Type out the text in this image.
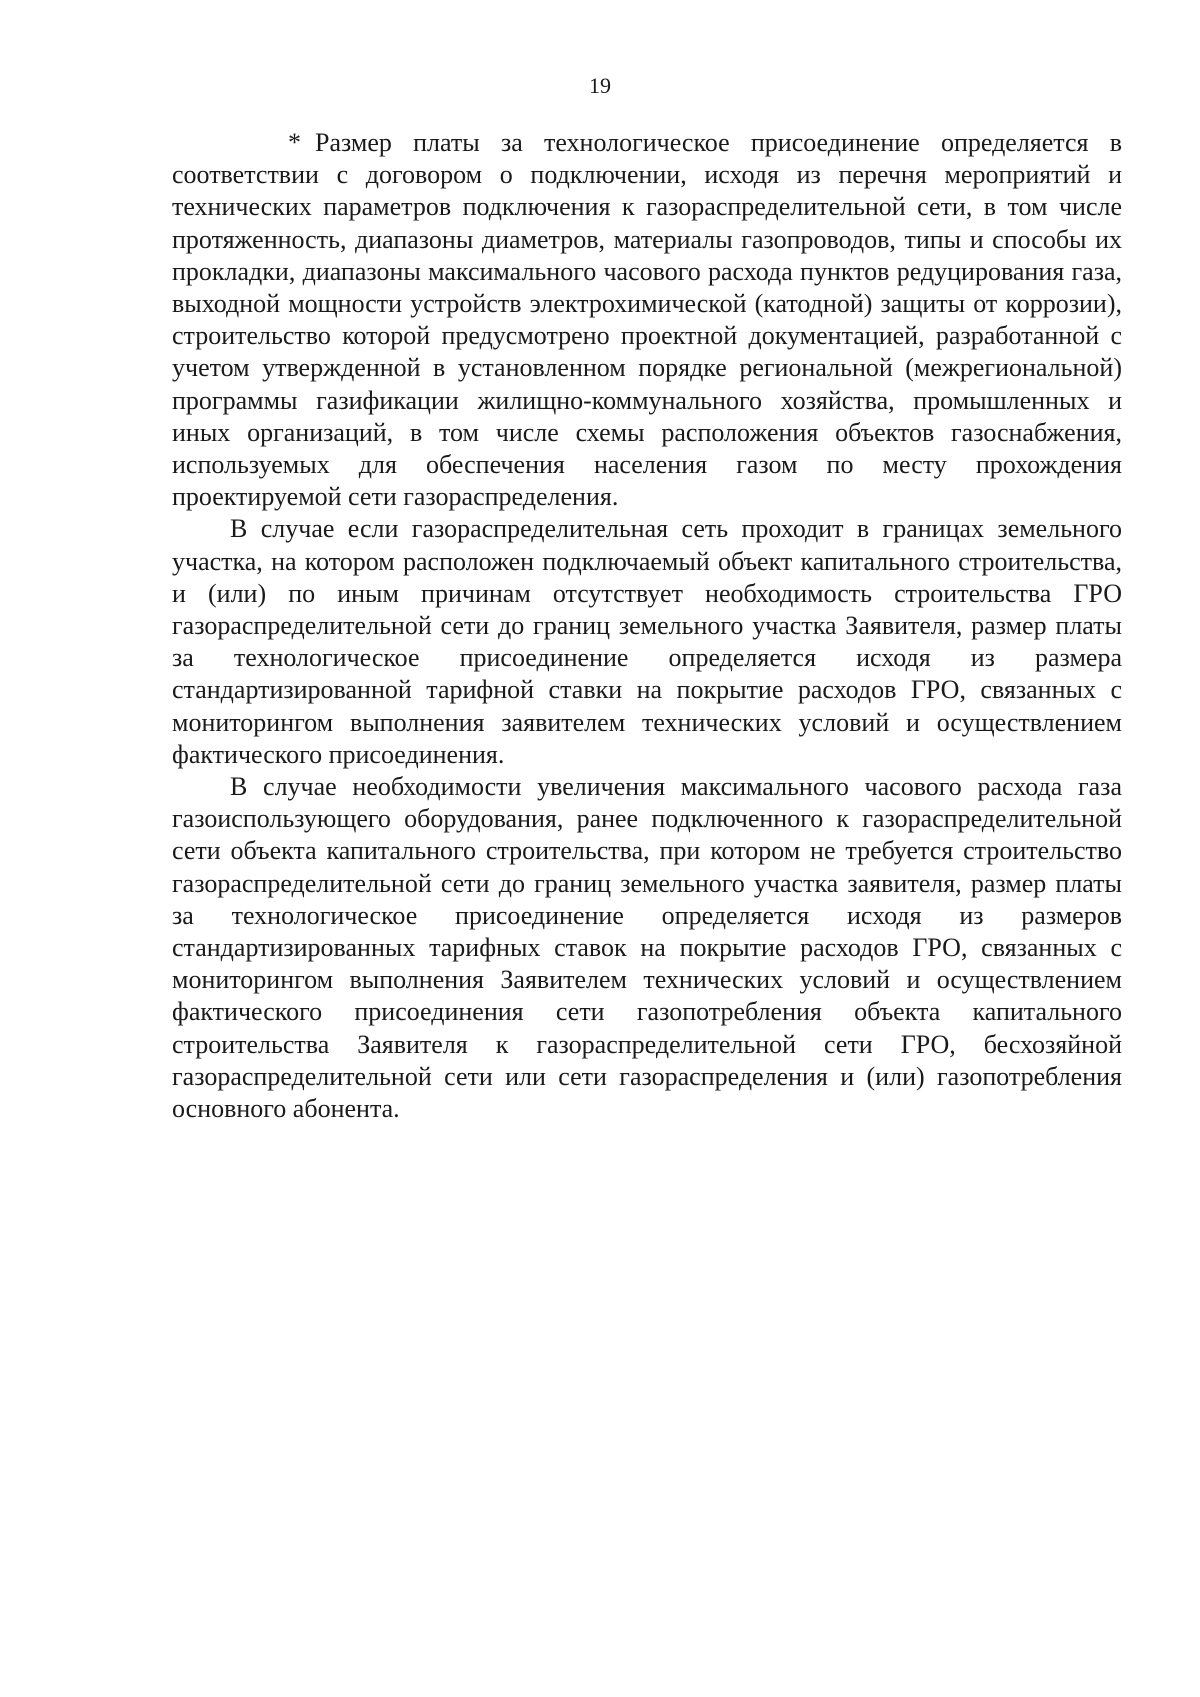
19

* Размер платы за технологическое присоединение определяется в соответствии с договором о подключении, исходя из перечня мероприятий и технических параметров подключения к газораспределительной сети, в том числе протяженность, диапазоны диаметров, материалы газопроводов, типы и способы их прокладки, диапазоны максимального часового расхода пунктов редуцирования газа, выходной мощности устройств электрохимической (катодной) защиты от коррозии), строительство которой предусмотрено проектной документацией, разработанной с учетом утвержденной в установленном порядке региональной (межрегиональной) программы газификации жилищно-коммунального хозяйства, промышленных и иных организаций, в том числе схемы расположения объектов газоснабжения, используемых для обеспечения населения газом по месту прохождения проектируемой сети газораспределения.

В случае если газораспределительная сеть проходит в границах земельного участка, на котором расположен подключаемый объект капитального строительства, и (или) по иным причинам отсутствует необходимость строительства ГРО газораспределительной сети до границ земельного участка Заявителя, размер платы за технологическое присоединение определяется исходя из размера стандартизированной тарифной ставки на покрытие расходов ГРО, связанных с мониторингом выполнения заявителем технических условий и осуществлением фактического присоединения.

В случае необходимости увеличения максимального часового расхода газа газоиспользующего оборудования, ранее подключенного к газораспределительной сети объекта капитального строительства, при котором не требуется строительство газораспределительной сети до границ земельного участка заявителя, размер платы за технологическое присоединение определяется исходя из размеров стандартизированных тарифных ставок на покрытие расходов ГРО, связанных с мониторингом выполнения Заявителем технических условий и осуществлением фактического присоединения сети газопотребления объекта капитального строительства Заявителя к газораспределительной сети ГРО, бесхозяйной газораспределительной сети или сети газораспределения и (или) газопотребления основного абонента.
